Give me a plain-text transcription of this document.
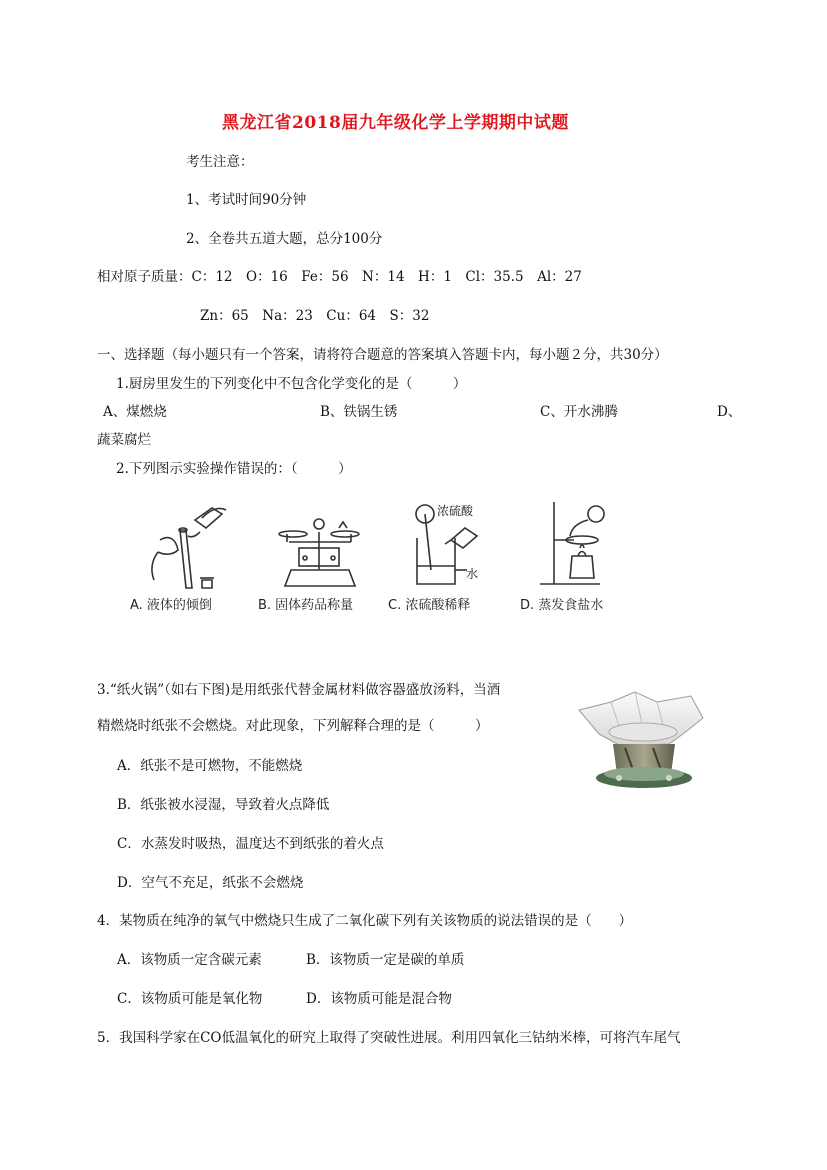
黑龙江省2018届九年级化学上学期期中试题
考生注意：
1、考试时间90分钟
2、全卷共五道大题，总分100分
相对原子质量：C：12　O：16　Fe：56　N：14　H：1　Cl：35.5　Al：27
Zn：65　Na：23　Cu：64　S：32
一、选择题（每小题只有一个答案，请将符合题意的答案填入答题卡内，每小题２分，共30分）
1.厨房里发生的下列变化中不包含化学变化的是（　　　）
A、煤燃烧	B、铁锅生锈	C、开水沸腾	D、
蔬菜腐烂
2.下列图示实验操作错误的：（　　　）
A. 液体的倾倒	B. 固体药品称量
浓硫酸
水
C. 浓硫酸稀释	D. 蒸发食盐水
3.“纸火锅”（如右下图)是用纸张代替金属材料做容器盛放汤料，当酒
精燃烧时纸张不会燃烧。对此现象，下列解释合理的是（　　　）
A．纸张不是可燃物，不能燃烧
B．纸张被水浸湿，导致着火点降低
C．水蒸发时吸热，温度达不到纸张的着火点
D．空气不充足，纸张不会燃烧
4．某物质在纯净的氧气中燃烧只生成了二氧化碳下列有关该物质的说法错误的是（　　）
A．该物质一定含碳元素	B．该物质一定是碳的单质
C．该物质可能是氧化物	D．该物质可能是混合物
5．我国科学家在CO低温氧化的研究上取得了突破性进展。利用四氧化三钴纳米棒，可将汽车尾气
